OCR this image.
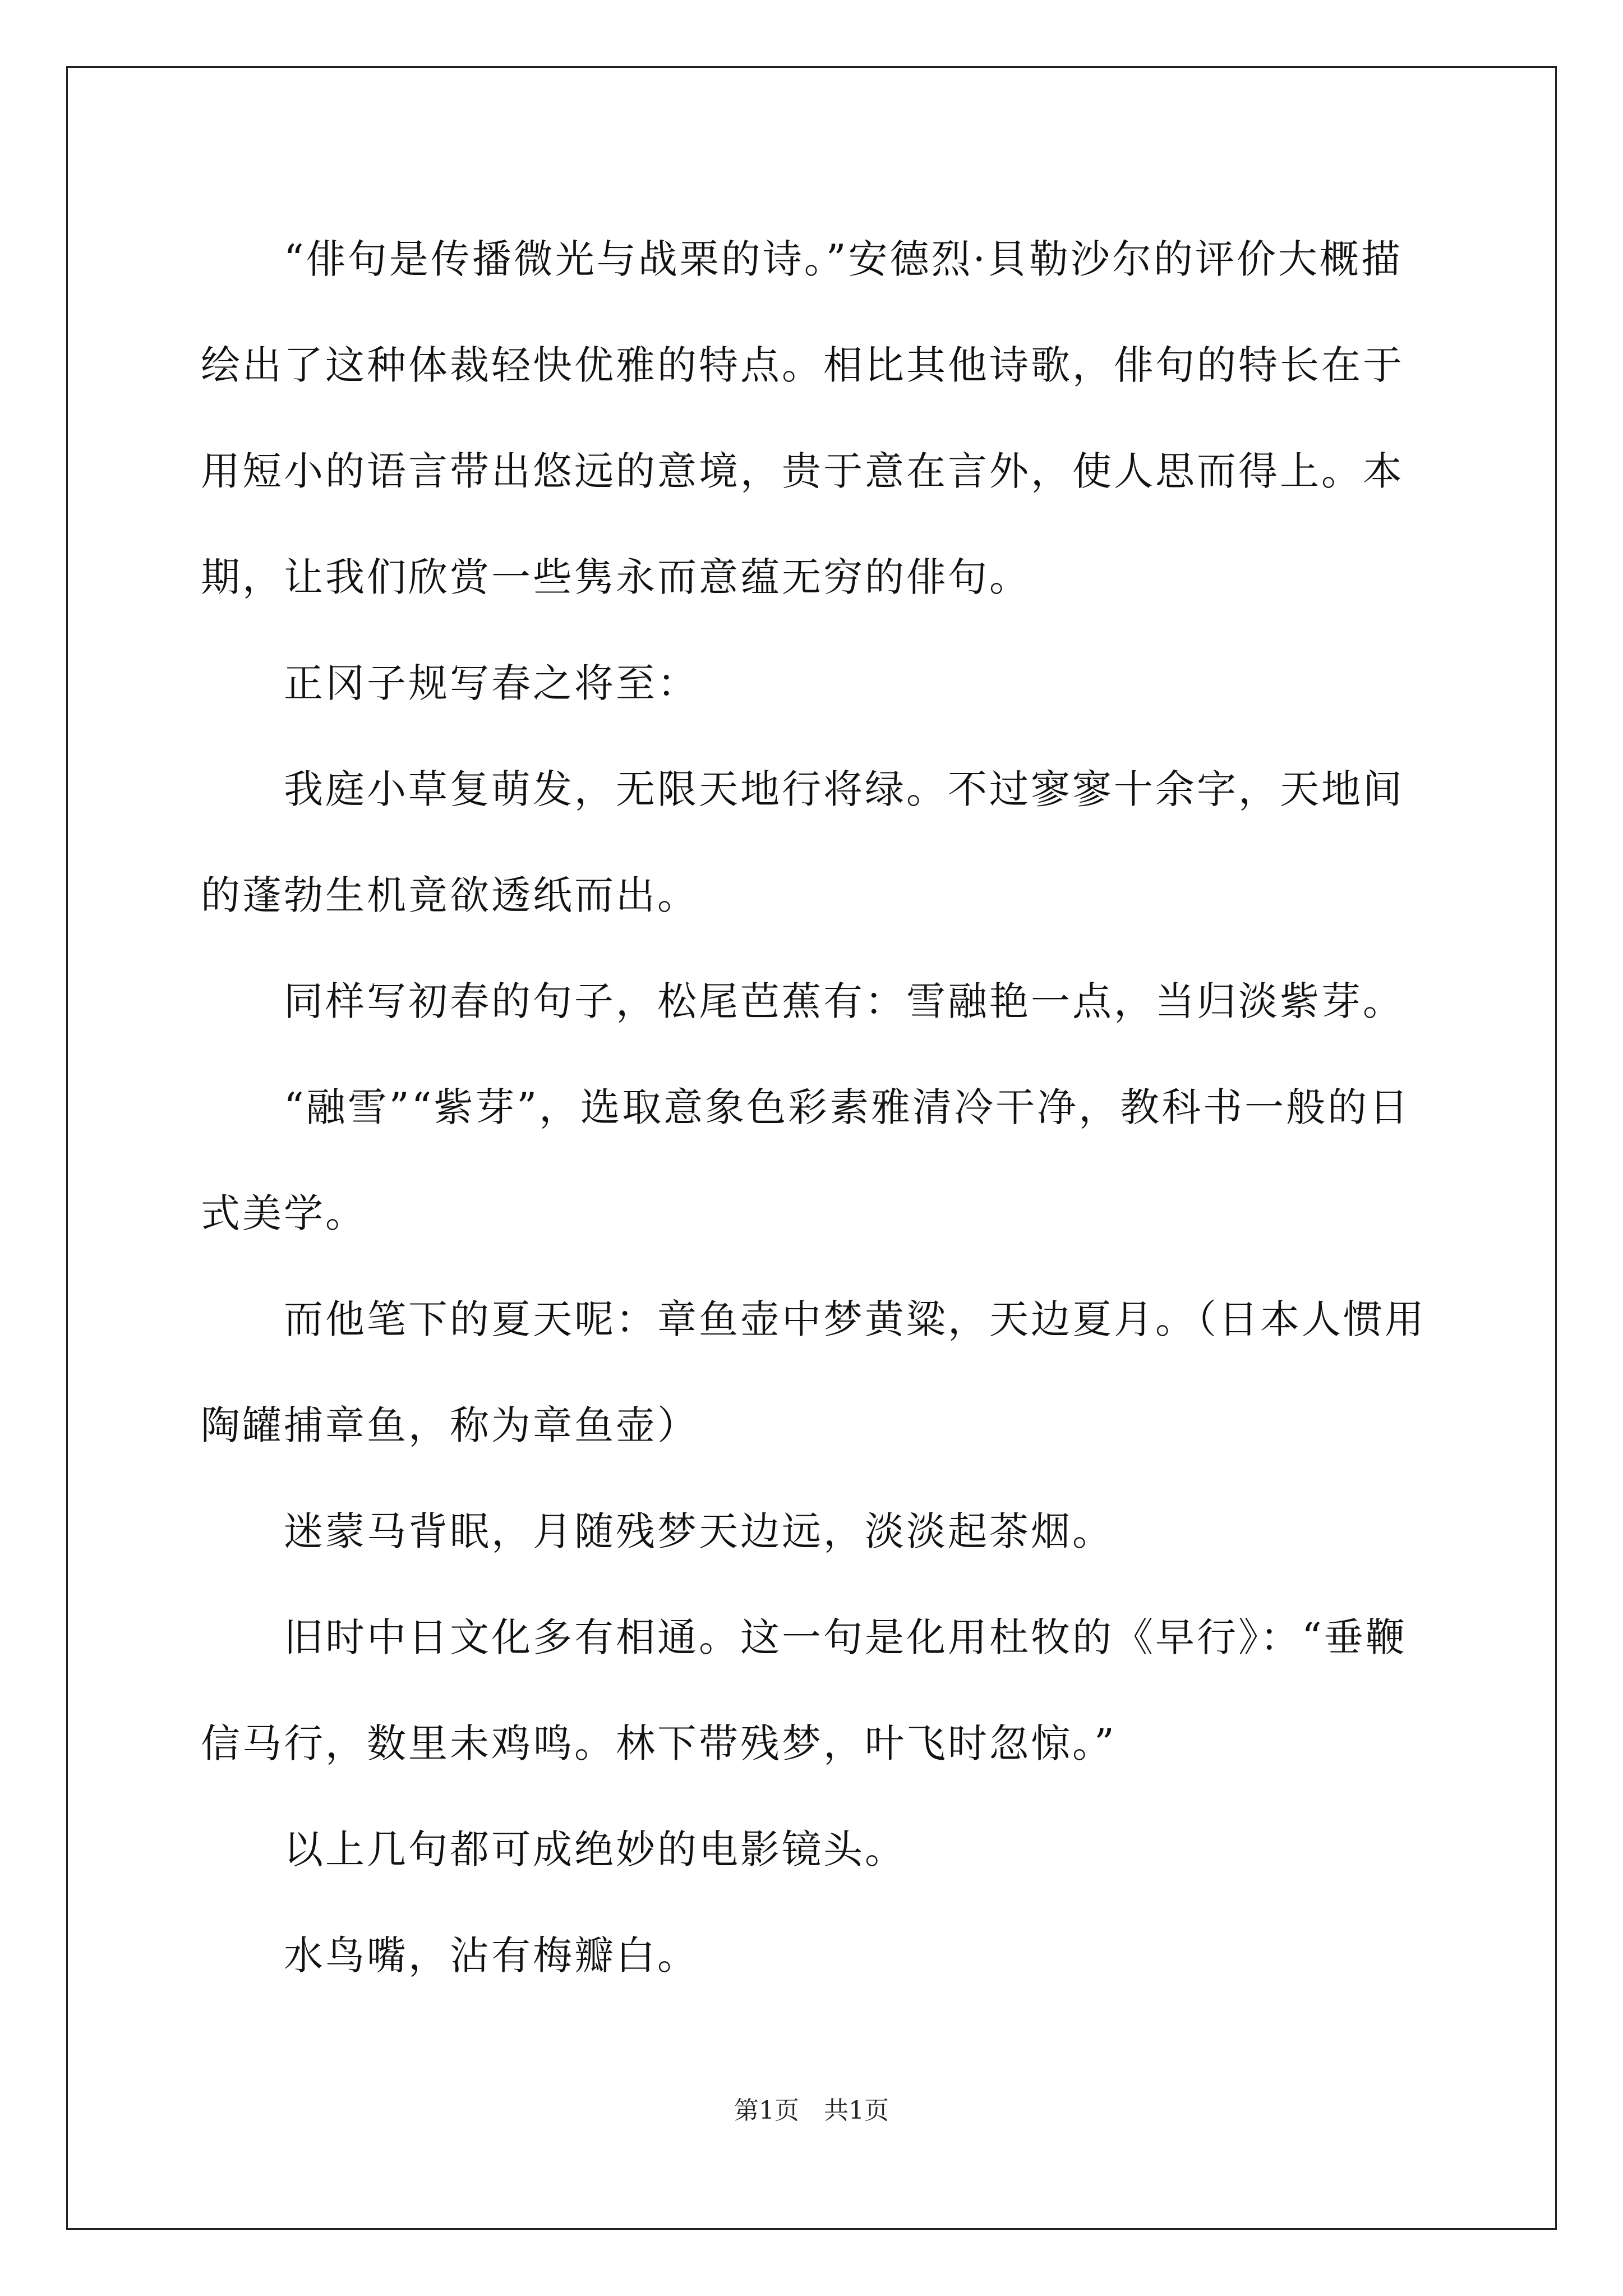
“俳句是传播微光与战栗的诗。”安德烈·貝勒沙尔的评价大概描绘出了这种体裁轻快优雅的特点。相比其他诗歌，俳句的特长在于用短小的语言带出悠远的意境，贵于意在言外，使人思而得上。本期，让我们欣赏一些隽永而意蕴无穷的俳句。

正冈子规写春之将至：

我庭小草复萌发，无限天地行将绿。不过寥寥十余字，天地间的蓬勃生机竟欲透纸而出。

同样写初春的句子，松尾芭蕉有：雪融艳一点，当归淡紫芽。

“融雪”“紫芽”，选取意象色彩素雅清冷干净，教科书一般的日式美学。

而他笔下的夏天呢：章鱼壶中梦黄粱，天边夏月。（日本人惯用陶罐捕章鱼，称为章鱼壶）

迷蒙马背眠，月随残梦天边远，淡淡起茶烟。

旧时中日文化多有相通。这一句是化用杜牧的《早行》：“垂鞭信马行，数里未鸡鸣。林下带残梦，叶飞时忽惊。”

以上几句都可成绝妙的电影镜头。

水鸟嘴，沾有梅瓣白。

第1页　共1页
